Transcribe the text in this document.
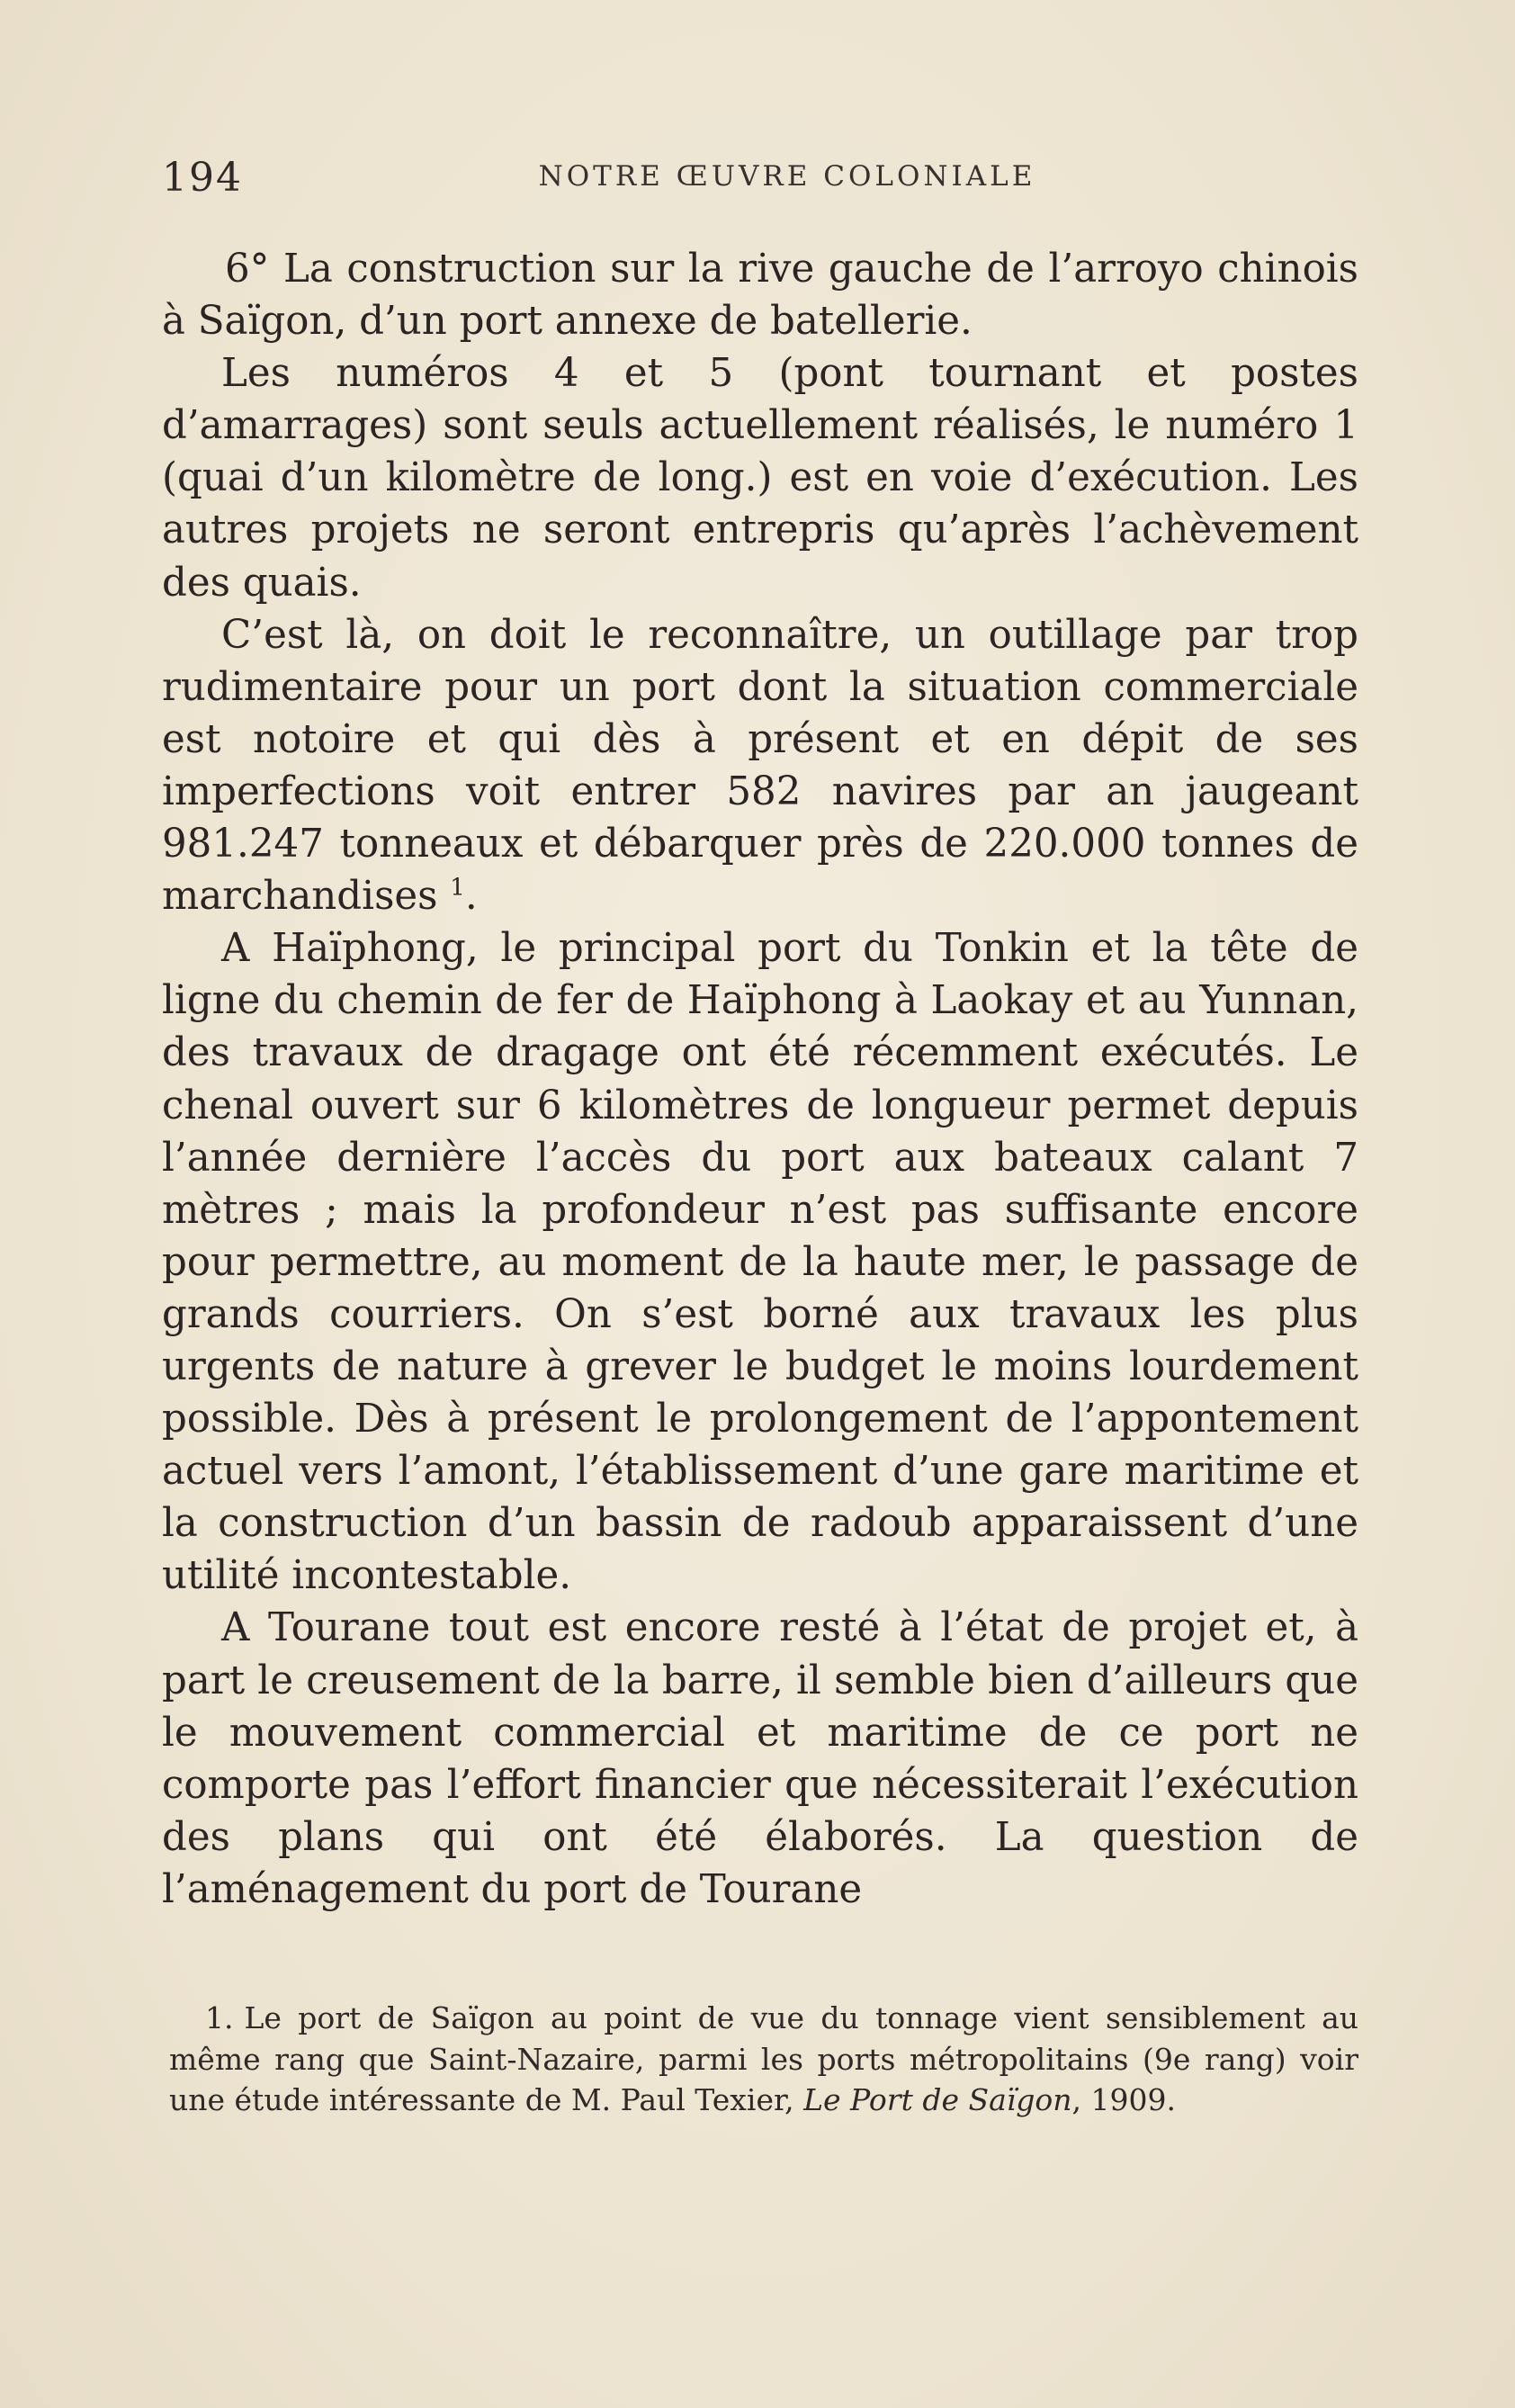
194	NOTRE ŒUVRE COLONIALE

6° La construction sur la rive gauche de l’arroyo chinois à Saïgon, d’un port annexe de batellerie.

Les numéros 4 et 5 (pont tournant et postes d’amarrages) sont seuls actuellement réalisés, le numéro 1 (quai d’un kilomètre de long.) est en voie d’exécution. Les autres projets ne seront entrepris qu’après l’achèvement des quais.

C’est là, on doit le reconnaître, un outillage par trop rudimentaire pour un port dont la situation commerciale est notoire et qui dès à présent et en dépit de ses imperfections voit entrer 582 navires par an jaugeant 981.247 tonneaux et débarquer près de 220.000 tonnes de marchandises $^1$.

A Haïphong, le principal port du Tonkin et la tête de ligne du chemin de fer de Haïphong à Laokay et au Yunnan, des travaux de dragage ont été récemment exécutés. Le chenal ouvert sur 6 kilomètres de longueur permet depuis l’année dernière l’accès du port aux bateaux calant 7 mètres ; mais la profondeur n’est pas suffisante encore pour permettre, au moment de la haute mer, le passage de grands courriers. On s’est borné aux travaux les plus urgents de nature à grever le budget le moins lourdement possible. Dès à présent le prolongement de l’appontement actuel vers l’amont, l’établissement d’une gare maritime et la construction d’un bassin de radoub apparaissent d’une utilité incontestable.

A Tourane tout est encore resté à l’état de projet et, à part le creusement de la barre, il semble bien d’ailleurs que le mouvement commercial et maritime de ce port ne comporte pas l’effort financier que nécessiterait l’exécution des plans qui ont été élaborés. La question de l’aménagement du port de Tourane

1. Le port de Saïgon au point de vue du tonnage vient sensiblement au même rang que Saint-Nazaire, parmi les ports métropolitains (9e rang) voir une étude intéressante de M. Paul Texier, Le Port de Saïgon, 1909.
